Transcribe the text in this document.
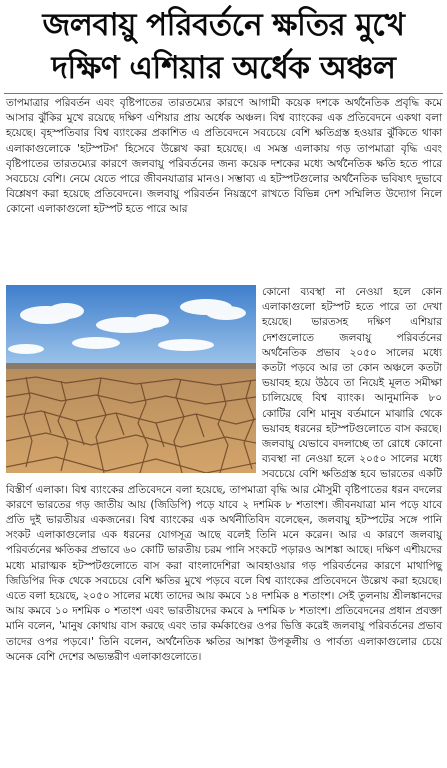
জলবায়ু পরিবর্তনে ক্ষতির মুখে
দক্ষিণ এশিয়ার অর্ধেক অঞ্চল

তাপমাত্রার পরিবর্তন এবং বৃষ্টিপাতের তারতম্যের কারণে আগামী কয়েক দশকে অর্থনৈতিক প্রবৃদ্ধি কমে আসার ঝুঁকির মুখে রয়েছে দক্ষিণ এশিয়ার প্রায় অর্ধেক অঞ্চল। বিশ্ব ব্যাংকের এক প্রতিবেদনে একথা বলা হয়েছে। বৃহস্পতিবার বিশ্ব ব্যাংকের প্রকাশিত এ প্রতিবেদনে সবচেয়ে বেশি ক্ষতিগ্রস্ত হওয়ার ঝুঁকিতে থাকা এলাকাগুলোকে 'হটস্পটস' হিসেবে উল্লেখ করা হয়েছে। এ সমস্ত এলাকায় গড় তাপমাত্রা বৃদ্ধি এবং বৃষ্টিপাতের তারতম্যের কারণে জলবায়ু পরিবর্তনের জন্য কয়েক দশকের মধ্যে অর্থনৈতিক ক্ষতি হতে পারে সবচেয়ে বেশি। নেমে যেতে পারে জীবনযাত্রার মানও। সম্ভাব্য এ হটস্পটগুলোর অর্থনৈতিক ভবিষ্যৎ দুভাবে বিশ্লেষণ করা হয়েছে প্রতিবেদনে। জলবায়ু পরিবর্তন নিয়ন্ত্রণে রাখতে বিভিন্ন দেশ সম্মিলিত উদ্যোগ নিলে কোনো এলাকাগুলো হটস্পট হতে পারে আর

কোনো ব্যবস্থা না নেওয়া হলে কোন এলাকাগুলো হটস্পট হতে পারে তা দেখা হয়েছে। ভারতসহ দক্ষিণ এশিয়ার দেশগুলোতে জলবায়ু পরিবর্তনের অর্থনৈতিক প্রভাব ২০৫০ সালের মধ্যে কতটা পড়বে আর তা কোন অঞ্চলে কতটা ভয়াবহ হয়ে উঠবে তা নিয়েই মূলত সমীক্ষা চালিয়েছে বিশ্ব ব্যাংক। আনুমানিক ৮০ কোটির বেশি মানুষ বর্তমানে মাঝারি থেকে ভয়াবহ ধরনের হটস্পটগুলোতে বাস করছে। জলবায়ু যেভাবে বদলাচ্ছে তা রোধে কোনো ব্যবস্থা না নেওয়া হলে ২০৫০ সালের মধ্যে সবচেয়ে বেশি ক্ষতিগ্রস্ত হবে ভারতের একটি বিস্তীর্ণ এলাকা। বিশ্ব ব্যাংকের প্রতিবেদনে বলা হয়েছে, তাপমাত্রা বৃদ্ধি আর মৌসুমী বৃষ্টিপাতের ধরন বদলের কারণে ভারতের গড় জাতীয় আয় (জিডিপি) পড়ে যাবে ২ দশমিক ৮ শতাংশ। জীবনযাত্রা মান পড়ে যাবে প্রতি দুই ভারতীয়র একজনের। বিশ্ব ব্যাংকের এক অর্থনীতিবিদ বলেছেন, জলবায়ু হটস্পটের সঙ্গে পানি সংকট এলাকাগুলোর এক ধরনের যোগসূত্র আছে বলেই তিনি মনে করেন। আর এ কারণে জলবায়ু পরিবর্তনের ক্ষতিকর প্রভাবে ৬০ কোটি ভারতীয় চরম পানি সংকটে পড়ারও আশঙ্কা আছে। দক্ষিণ এশীয়দের মধ্যে মারাত্মক হটস্পটগুলোতে বাস করা বাংলাদেশিরা আবহাওয়ার গড় পরিবর্তনের কারণে মাথাপিছু জিডিপির দিক থেকে সবচেয়ে বেশি ক্ষতির মুখে পড়বে বলে বিশ্ব ব্যাংকের প্রতিবেদনে উল্লেখ করা হয়েছে। এতে বলা হয়েছে, ২০৫০ সালের মধ্যে তাদের আয় কমবে ১৪ দশমিক ৪ শতাংশ। সেই তুলনায় শ্রীলঙ্কানদের আয় কমবে ১০ দশমিক ০ শতাংশ এবং ভারতীয়দের কমবে ৯ দশমিক ৮ শতাংশ। প্রতিবেদনের প্রধান প্রবক্তা মানি বলেন, 'মানুষ কোথায় বাস করছে এবং তার কর্মকাণ্ডের ওপর ভিত্তি করেই জলবায়ু পরিবর্তনের প্রভাব তাদের ওপর পড়বে।' তিনি বলেন, অর্থনৈতিক ক্ষতির আশঙ্কা উপকূলীয় ও পার্বত্য এলাকাগুলোর চেয়ে অনেক বেশি দেশের অভ্যন্তরীণ এলাকাগুলোতে।
